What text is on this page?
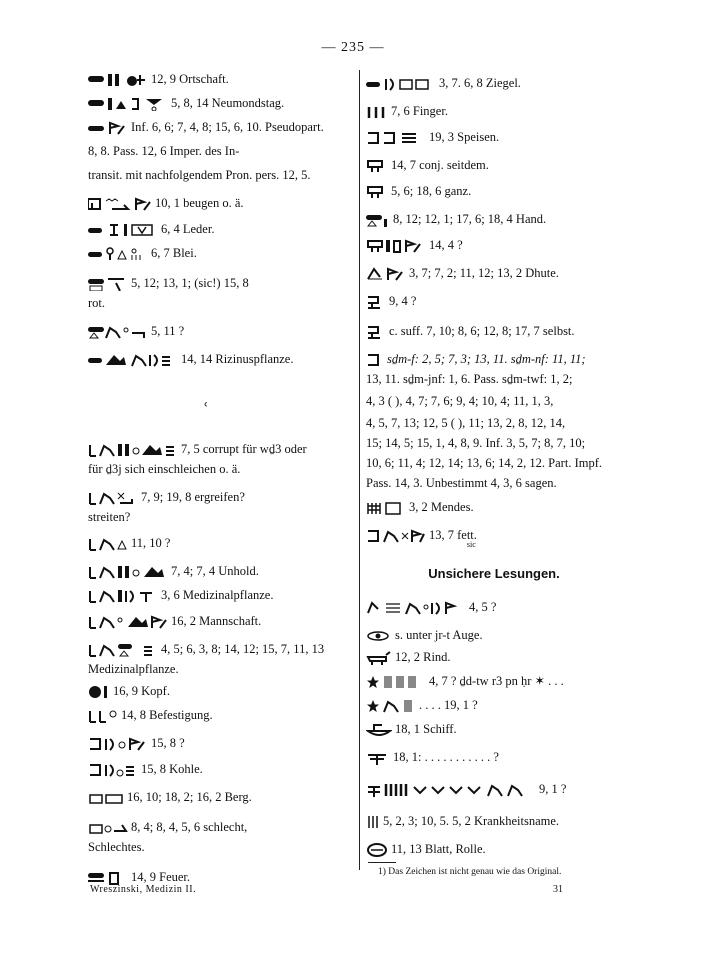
— 235 —
12, 9 Ortschaft.
5, 8, 14 Neumondstag.
Inf. 6, 6; 7, 4, 8; 15, 6, 10. Pseudopart.
8, 8. Pass. 12, 6 Imper. des In-
transit. mit nachfolgendem Pron. pers. 12, 5.
10, 1 beugen o. ä.
6, 4 Leder.
6, 7 Blei.
5, 12; 13, 1; (sic!) 15, 8
rot.
5, 11 ?
14, 14 Rizinuspflanze.
ʿ
7, 5 corrupt für wḏ3 oder
für ḏ3j sich einschleichen o. ä.
7, 9; 19, 8 ergreifen?
streiten?
11, 10 ?
7, 4; 7, 4 Unhold.
3, 6 Medizinalpflanze.
16, 2 Mannschaft.
4, 5; 6, 3, 8; 14, 12; 15, 7, 11, 13
Medizinalpflanze.
16, 9 Kopf.
14, 8 Befestigung.
15, 8 ?
15, 8 Kohle.
16, 10; 18, 2; 16, 2 Berg.
8, 4; 8, 4, 5, 6 schlecht,
Schlechtes.
14, 9 Feuer.
Wreszinski, Medizin II.
3, 7. 6, 8 Ziegel.
7, 6 Finger.
19, 3 Speisen.
14, 7 conj. seitdem.
5, 6; 18, 6 ganz.
8, 12; 12, 1; 17, 6; 18, 4 Hand.
14, 4 ?
3, 7; 7, 2; 11, 12; 13, 2 Dhute.
9, 4 ?
c. suff. 7, 10; 8, 6; 12, 8; 17, 7 selbst.
sḏm-f: 2, 5; 7, 3; 13, 11. sḏm-nf: 11, 11;
13, 11. sḏm-jnf: 1, 6. Pass. sḏm-twf: 1, 2;
4, 3 ( ), 4, 7; 7, 6; 9, 4; 10, 4; 11, 1, 3,
4, 5, 7, 13; 12, 5 ( ), 11; 13, 2, 8, 12, 14,
15; 14, 5; 15, 1, 4, 8, 9. Inf. 3, 5, 7; 8, 7, 10;
10, 6; 11, 4; 12, 14; 13, 6; 14, 2, 12. Part. Impf.
Pass. 14, 3. Unbestimmt 4, 3, 6 sagen.
3, 2 Mendes.
13, 7 $fett._{sic}$
Unsichere Lesungen.
4, 5 ?
s. unter jr-t Auge.
12, 2 Rind.
4, 7 ? ḏd-tw r3 pn ḥr ✶ . . .
. . . . 19, 1 ?
18, 1 Schiff.
18, 1: . . . . . . . . . . . ?
9, 1 ?
5, 2, 3; 10, 5. 5, 2 Krankheitsname.
11, 13 Blatt, Rolle.
1) Das Zeichen ist nicht genau wie das Original.
31
